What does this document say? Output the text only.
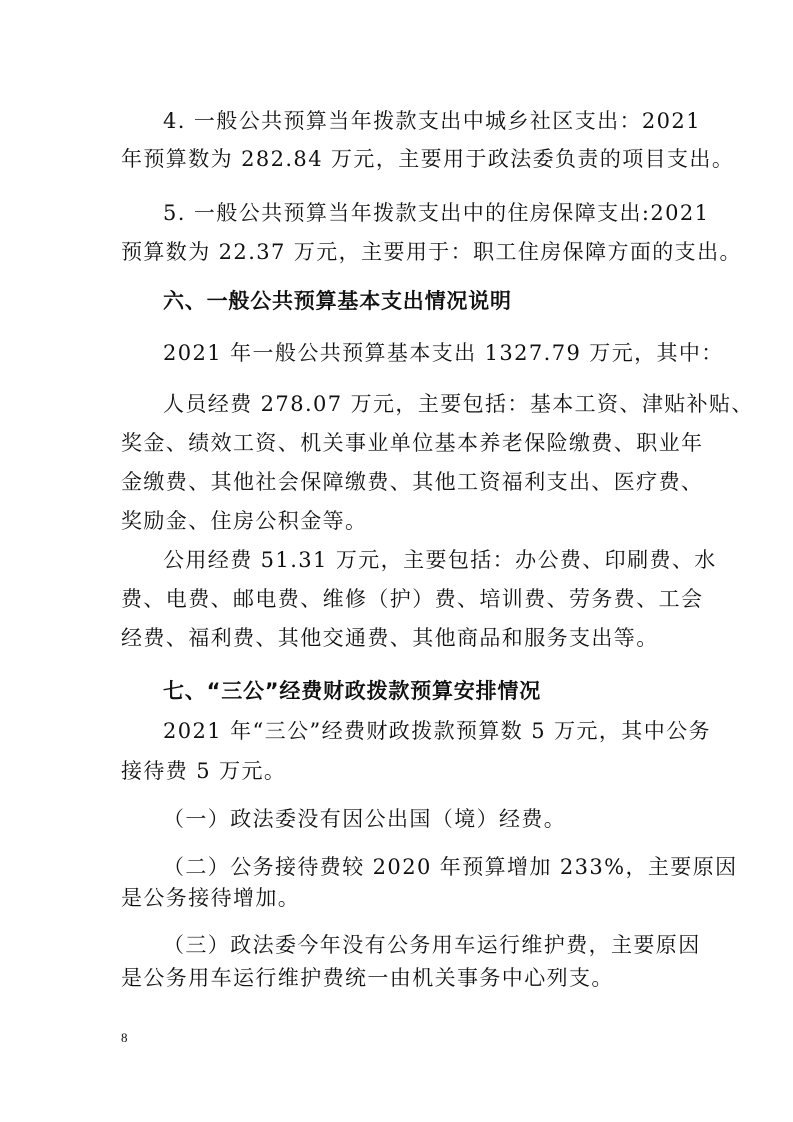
4. 一般公共预算当年拨款支出中城乡社区支出：2021
年预算数为 282.84 万元，主要用于政法委负责的项目支出。
5. 一般公共预算当年拨款支出中的住房保障支出:2021
预算数为 22.37 万元，主要用于：职工住房保障方面的支出。
六、一般公共预算基本支出情况说明
2021 年一般公共预算基本支出 1327.79 万元，其中：
人员经费 278.07 万元，主要包括：基本工资、津贴补贴、
奖金、绩效工资、机关事业单位基本养老保险缴费、职业年
金缴费、其他社会保障缴费、其他工资福利支出、医疗费、
奖励金、住房公积金等。
公用经费 51.31 万元，主要包括：办公费、印刷费、水
费、电费、邮电费、维修（护）费、培训费、劳务费、工会
经费、福利费、其他交通费、其他商品和服务支出等。
七、“三公”经费财政拨款预算安排情况
2021 年“三公”经费财政拨款预算数 5 万元，其中公务
接待费 5 万元。
（一）政法委没有因公出国（境）经费。
（二）公务接待费较 2020 年预算增加 233%，主要原因
是公务接待增加。
（三）政法委今年没有公务用车运行维护费，主要原因
是公务用车运行维护费统一由机关事务中心列支。
8
